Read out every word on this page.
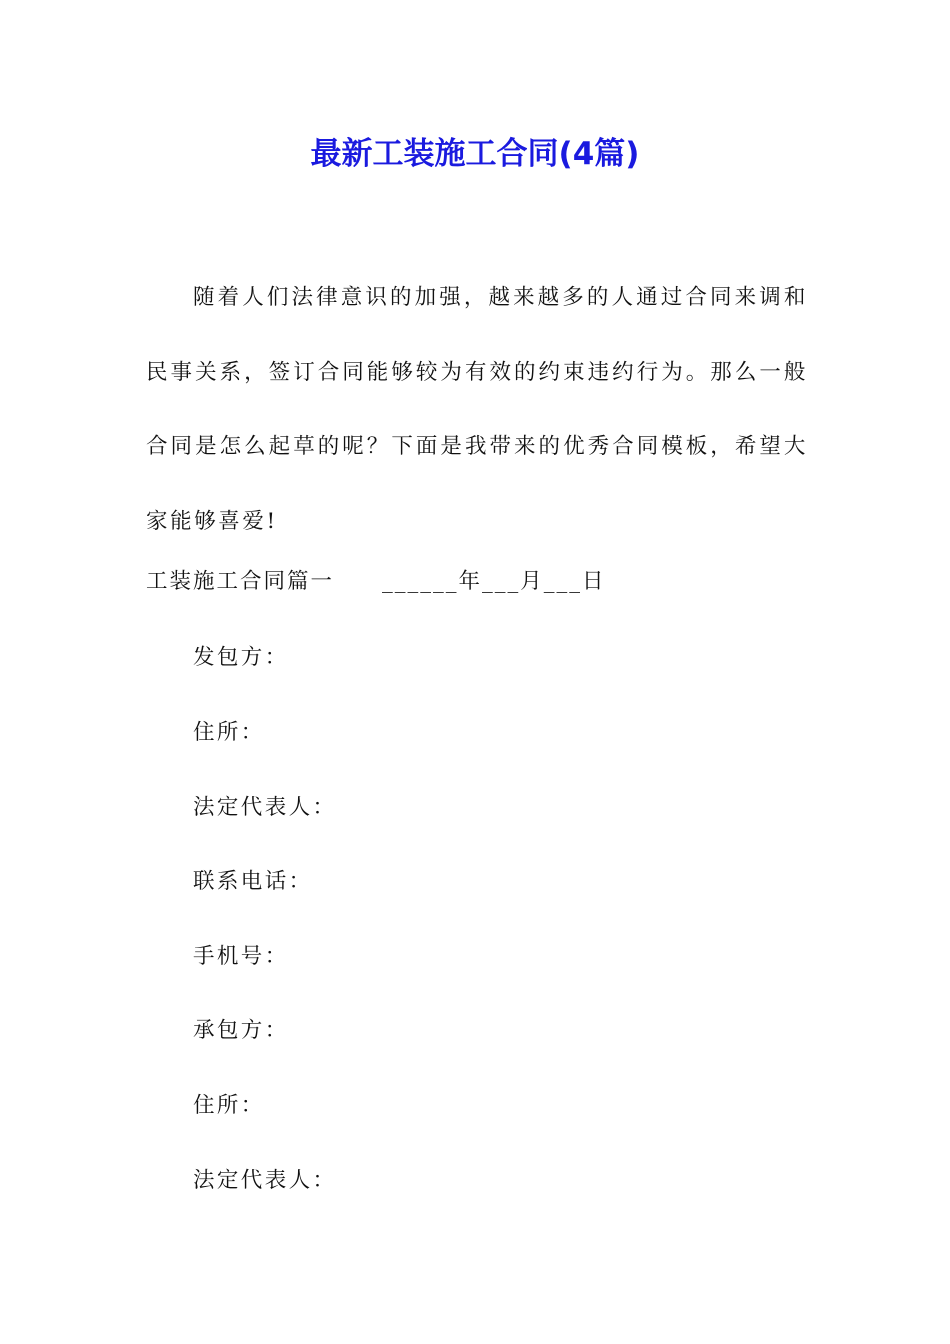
最新工装施工合同(4篇)

随着人们法律意识的加强，越来越多的人通过合同来调和民事关系，签订合同能够较为有效的约束违约行为。那么一般合同是怎么起草的呢？下面是我带来的优秀合同模板，希望大家能够喜爱!

工装施工合同篇一 ______年___月___日
发包方：
住所：
法定代表人：
联系电话：
手机号：
承包方：
住所：
法定代表人：
